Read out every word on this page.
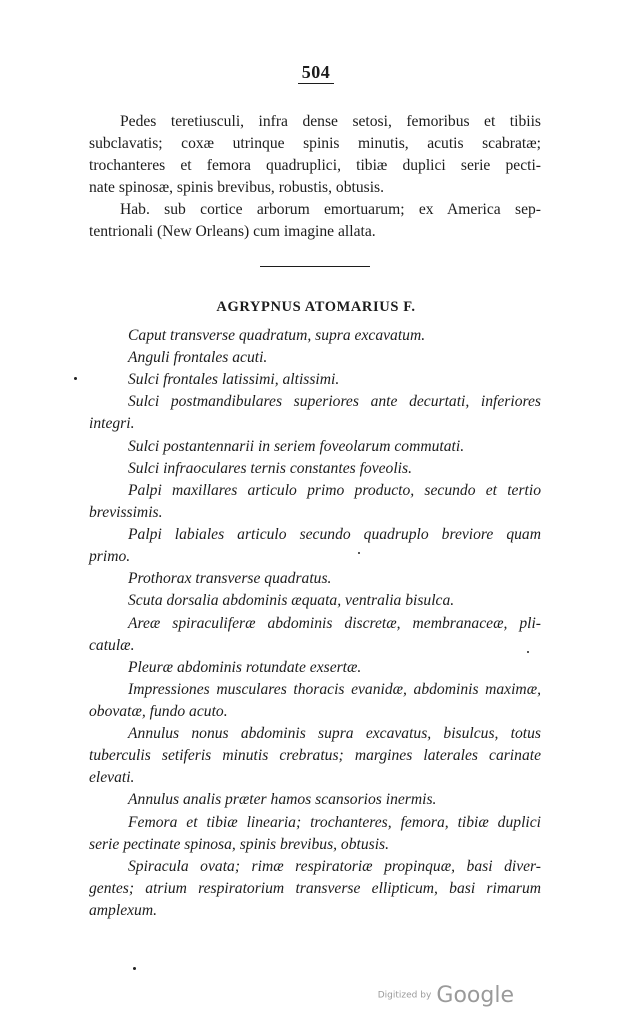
504
Pedes teretiusculi, infra dense setosi, femoribus et tibiis
subclavatis; coxæ utrinque spinis minutis, acutis scabratæ;
trochanteres et femora quadruplici, tibiæ duplici serie pecti-
nate spinosæ, spinis brevibus, robustis, obtusis.
Hab. sub cortice arborum emortuarum; ex America sep-
tentrionali (New Orleans) cum imagine allata.
AGRYPNUS ATOMARIUS F.
Caput transverse quadratum, supra excavatum.
Anguli frontales acuti.
Sulci frontales latissimi, altissimi.
Sulci postmandibulares superiores ante decurtati, inferiores
integri.
Sulci postantennarii in seriem foveolarum commutati.
Sulci infraoculares ternis constantes foveolis.
Palpi maxillares articulo primo producto, secundo et tertio
brevissimis.
Palpi labiales articulo secundo quadruplo breviore quam
primo.
Prothorax transverse quadratus.
Scuta dorsalia abdominis æquata, ventralia bisulca.
Areæ spiraculiferæ abdominis discretæ, membranaceæ, pli-
catulæ.
Pleuræ abdominis rotundate exsertæ.
Impressiones musculares thoracis evanidæ, abdominis maximæ,
obovatæ, fundo acuto.
Annulus nonus abdominis supra excavatus, bisulcus, totus
tuberculis setiferis minutis crebratus; margines laterales carinate
elevati.
Annulus analis præter hamos scansorios inermis.
Femora et tibiæ linearia; trochanteres, femora, tibiæ duplici
serie pectinate spinosa, spinis brevibus, obtusis.
Spiracula ovata; rimæ respiratoriæ propinquæ, basi diver-
gentes; atrium respiratorium transverse ellipticum, basi rimarum
amplexum.
Digitized by Google
